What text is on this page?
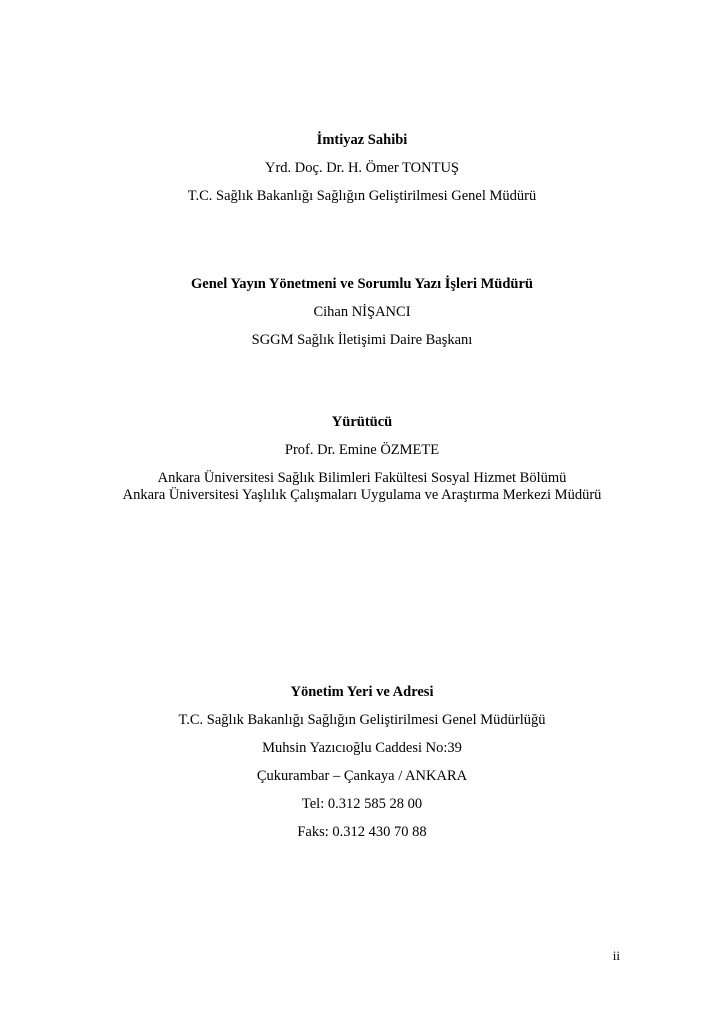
İmtiyaz Sahibi
Yrd. Doç. Dr. H. Ömer TONTUŞ
T.C. Sağlık Bakanlığı Sağlığın Geliştirilmesi Genel Müdürü
Genel Yayın Yönetmeni ve Sorumlu Yazı İşleri Müdürü
Cihan NİŞANCI
SGGM Sağlık İletişimi Daire Başkanı
Yürütücü
Prof. Dr. Emine ÖZMETE
Ankara Üniversitesi Sağlık Bilimleri Fakültesi Sosyal Hizmet Bölümü
Ankara Üniversitesi Yaşlılık Çalışmaları Uygulama ve Araştırma Merkezi Müdürü
Yönetim Yeri ve Adresi
T.C. Sağlık Bakanlığı Sağlığın Geliştirilmesi Genel Müdürlüğü
Muhsin Yazıcıoğlu Caddesi No:39
Çukurambar – Çankaya / ANKARA
Tel: 0.312 585 28 00
Faks: 0.312 430 70 88
ii
